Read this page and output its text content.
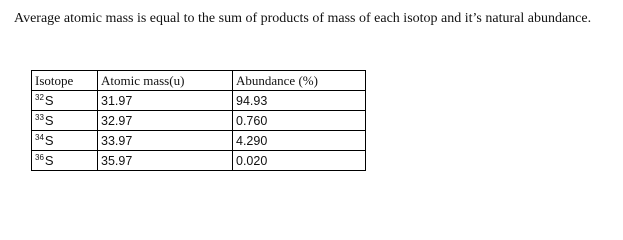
Average atomic mass is equal to the sum of products of mass of each isotop and it’s natural abundance.

Isotope	Atomic mass(u)	Abundance (%)
$^{32}$S	31.97	94.93
$^{33}$S	32.97	0.760
$^{34}$S	33.97	4.290
$^{36}$S	35.97	0.020
